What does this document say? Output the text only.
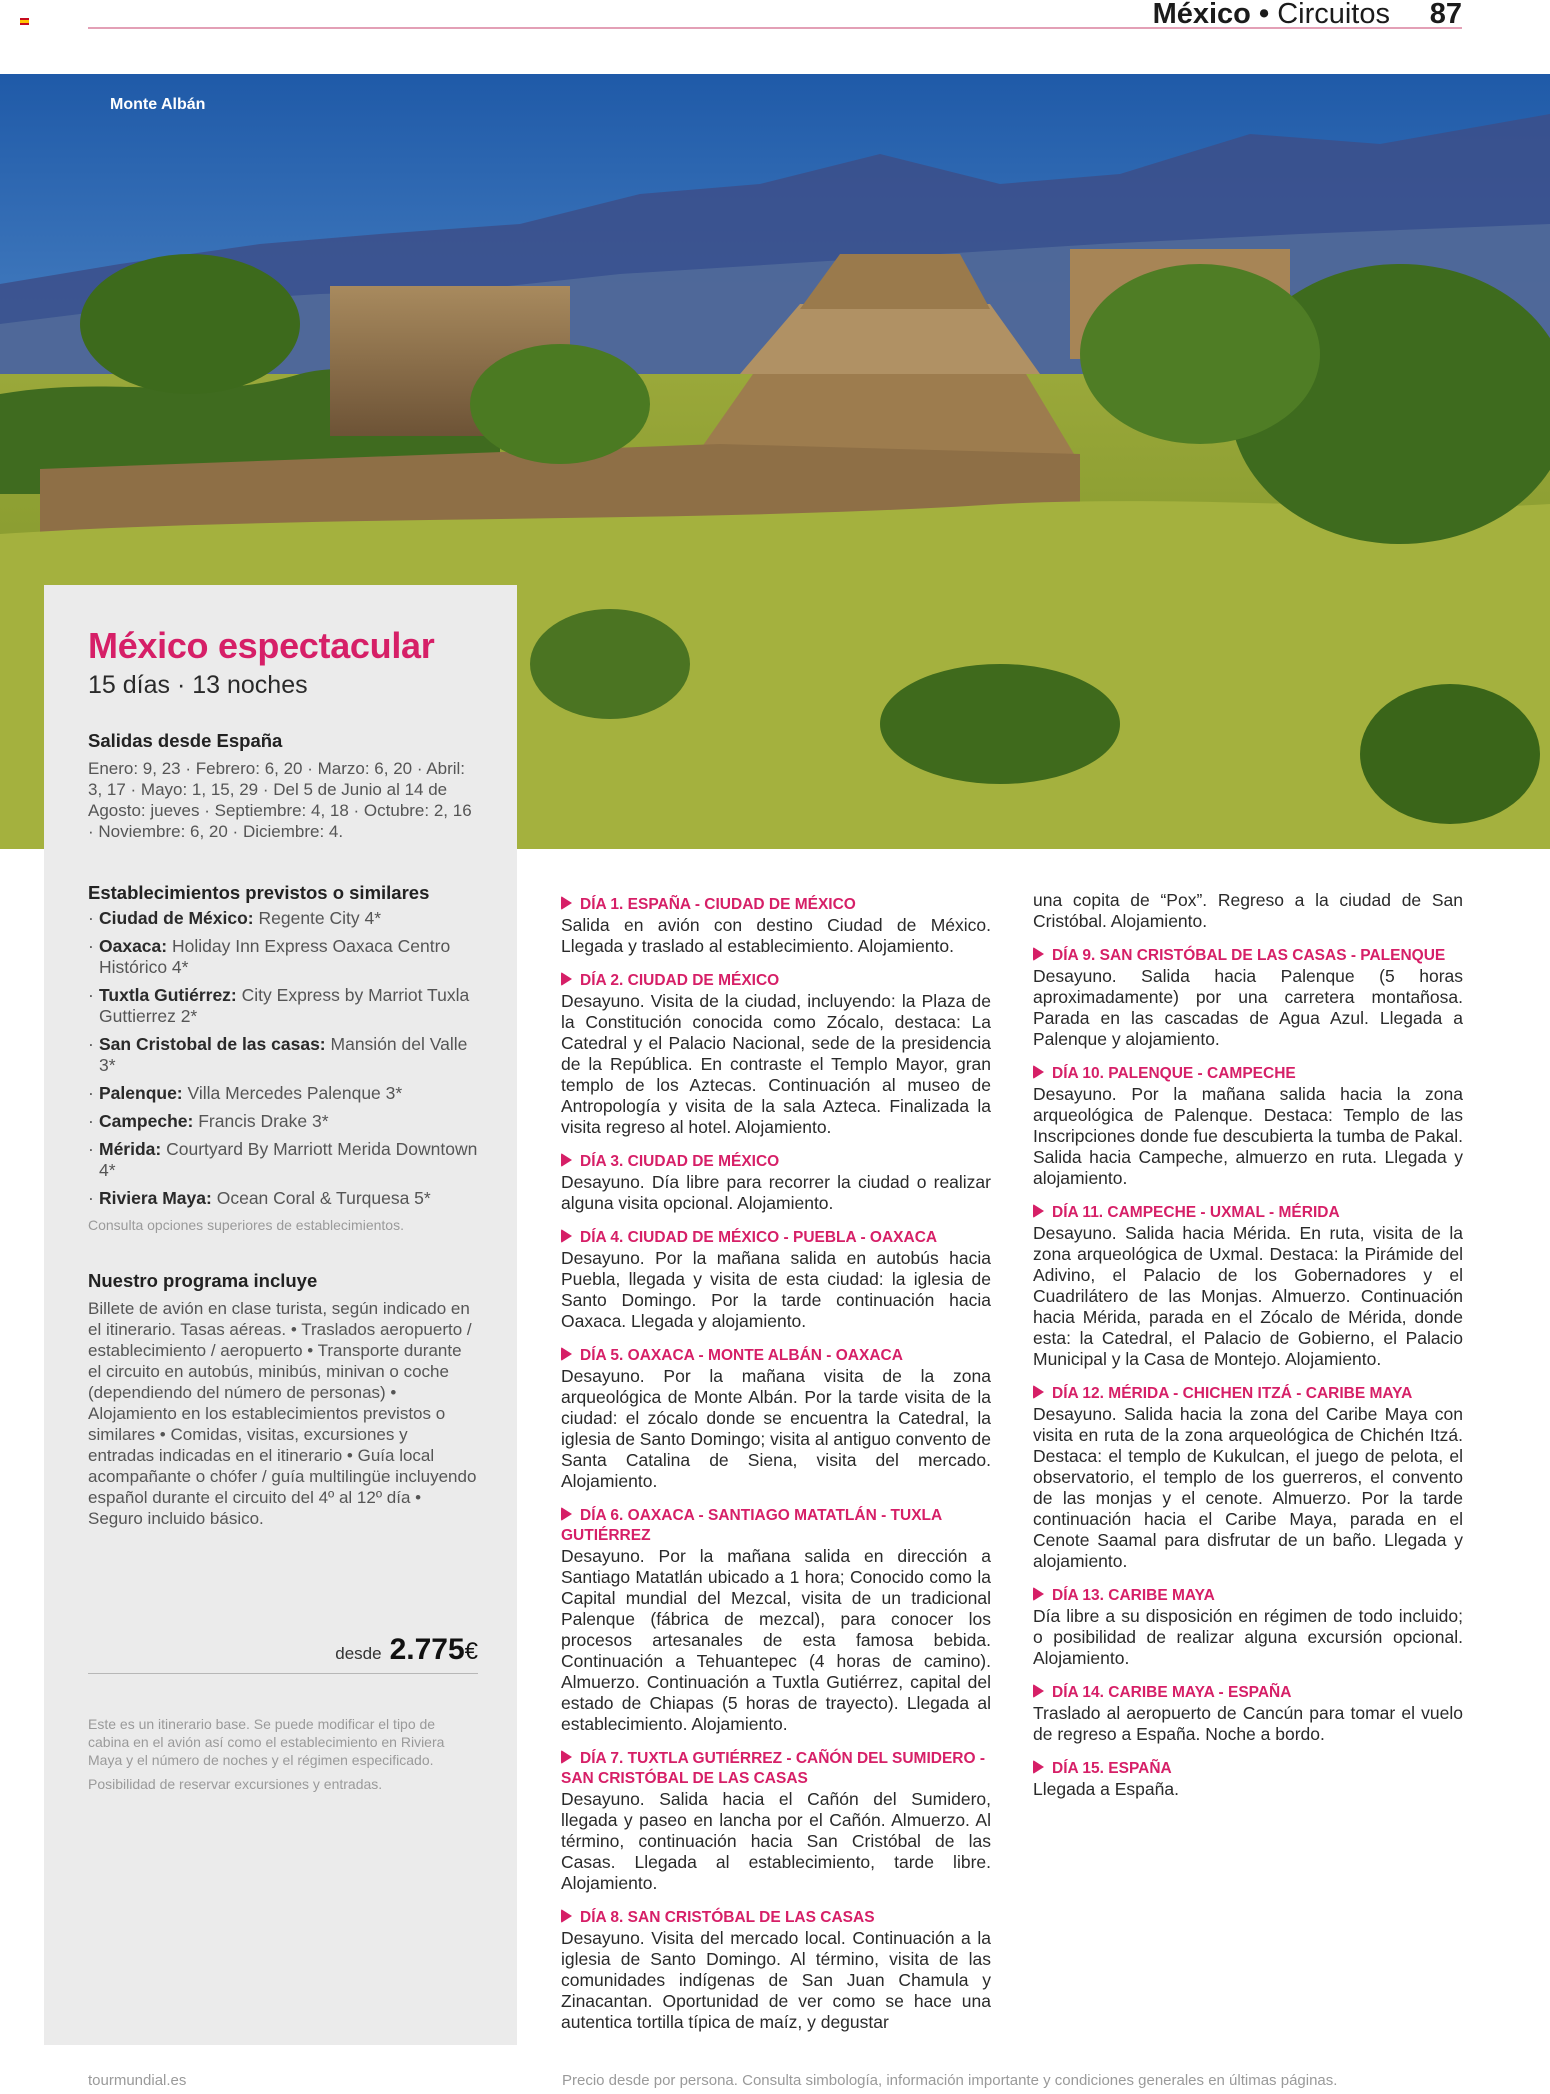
México • Circuitos 87
Monte Albán
México espectacular
15 días · 13 noches
Salidas desde España
Enero: 9, 23 · Febrero: 6, 20 · Marzo: 6, 20 · Abril: 3, 17 · Mayo: 1, 15, 29 · Del 5 de Junio al 14 de Agosto: jueves · Septiembre: 4, 18 · Octubre: 2, 16 · Noviembre: 6, 20 · Diciembre: 4.
Establecimientos previstos o similares
· Ciudad de México: Regente City 4*
· Oaxaca: Holiday Inn Express Oaxaca Centro Histórico 4*
· Tuxtla Gutiérrez: City Express by Marriot Tuxla Guttierrez 2*
· San Cristobal de las casas: Mansión del Valle 3*
· Palenque: Villa Mercedes Palenque 3*
· Campeche: Francis Drake 3*
· Mérida: Courtyard By Marriott Merida Downtown 4*
· Riviera Maya: Ocean Coral & Turquesa 5*
Consulta opciones superiores de establecimientos.
Nuestro programa incluye
Billete de avión en clase turista, según indicado en el itinerario. Tasas aéreas. • Traslados aeropuerto / establecimiento / aeropuerto • Transporte durante el circuito en autobús, minibús, minivan o coche (dependiendo del número de personas) • Alojamiento en los establecimientos previstos o similares • Comidas, visitas, excursiones y entradas indicadas en el itinerario • Guía local acompañante o chófer / guía multilingüe incluyendo español durante el circuito del 4º al 12º día • Seguro incluido básico.
desde 2.775€
Este es un itinerario base. Se puede modificar el tipo de cabina en el avión así como el establecimiento en Riviera Maya y el número de noches y el régimen especificado.
Posibilidad de reservar excursiones y entradas.
DÍA 1. ESPAÑA - CIUDAD DE MÉXICO
Salida en avión con destino Ciudad de México. Llegada y traslado al establecimiento. Alojamiento.
DÍA 2. CIUDAD DE MÉXICO
Desayuno. Visita de la ciudad, incluyendo: la Plaza de la Constitución conocida como Zócalo, destaca: La Catedral y el Palacio Nacional, sede de la presidencia de la República. En contraste el Templo Mayor, gran templo de los Aztecas. Continuación al museo de Antropología y visita de la sala Azteca. Finalizada la visita regreso al hotel. Alojamiento.
DÍA 3. CIUDAD DE MÉXICO
Desayuno. Día libre para recorrer la ciudad o realizar alguna visita opcional. Alojamiento.
DÍA 4. CIUDAD DE MÉXICO - PUEBLA - OAXACA
Desayuno. Por la mañana salida en autobús hacia Puebla, llegada y visita de esta ciudad: la iglesia de Santo Domingo. Por la tarde continuación hacia Oaxaca. Llegada y alojamiento.
DÍA 5. OAXACA - MONTE ALBÁN - OAXACA
Desayuno. Por la mañana visita de la zona arqueológica de Monte Albán. Por la tarde visita de la ciudad: el zócalo donde se encuentra la Catedral, la iglesia de Santo Domingo; visita al antiguo convento de Santa Catalina de Siena, visita del mercado. Alojamiento.
DÍA 6. OAXACA - SANTIAGO MATATLÁN - TUXLA GUTIÉRREZ
Desayuno. Por la mañana salida en dirección a Santiago Matatlán ubicado a 1 hora; Conocido como la Capital mundial del Mezcal, visita de un tradicional Palenque (fábrica de mezcal), para conocer los procesos artesanales de esta famosa bebida. Continuación a Tehuantepec (4 horas de camino). Almuerzo. Continuación a Tuxtla Gutiérrez, capital del estado de Chiapas (5 horas de trayecto). Llegada al establecimiento. Alojamiento.
DÍA 7. TUXTLA GUTIÉRREZ - CAÑÓN DEL SUMIDERO - SAN CRISTÓBAL DE LAS CASAS
Desayuno. Salida hacia el Cañón del Sumidero, llegada y paseo en lancha por el Cañón. Almuerzo. Al término, continuación hacia San Cristóbal de las Casas. Llegada al establecimiento, tarde libre. Alojamiento.
DÍA 8. SAN CRISTÓBAL DE LAS CASAS
Desayuno. Visita del mercado local. Continuación a la iglesia de Santo Domingo. Al término, visita de las comunidades indígenas de San Juan Chamula y Zinacantan. Oportunidad de ver como se hace una autentica tortilla típica de maíz, y degustar
una copita de “Pox”. Regreso a la ciudad de San Cristóbal. Alojamiento.
DÍA 9. SAN CRISTÓBAL DE LAS CASAS - PALENQUE
Desayuno. Salida hacia Palenque (5 horas aproximadamente) por una carretera montañosa. Parada en las cascadas de Agua Azul. Llegada a Palenque y alojamiento.
DÍA 10. PALENQUE - CAMPECHE
Desayuno. Por la mañana salida hacia la zona arqueológica de Palenque. Destaca: Templo de las Inscripciones donde fue descubierta la tumba de Pakal. Salida hacia Campeche, almuerzo en ruta. Llegada y alojamiento.
DÍA 11. CAMPECHE - UXMAL - MÉRIDA
Desayuno. Salida hacia Mérida. En ruta, visita de la zona arqueológica de Uxmal. Destaca: la Pirámide del Adivino, el Palacio de los Gobernadores y el Cuadrilátero de las Monjas. Almuerzo. Continuación hacia Mérida, parada en el Zócalo de Mérida, donde esta: la Catedral, el Palacio de Gobierno, el Palacio Municipal y la Casa de Montejo. Alojamiento.
DÍA 12. MÉRIDA - CHICHEN ITZÁ - CARIBE MAYA
Desayuno. Salida hacia la zona del Caribe Maya con visita en ruta de la zona arqueológica de Chichén Itzá. Destaca: el templo de Kukulcan, el juego de pelota, el observatorio, el templo de los guerreros, el convento de las monjas y el cenote. Almuerzo. Por la tarde continuación hacia el Caribe Maya, parada en el Cenote Saamal para disfrutar de un baño. Llegada y alojamiento.
DÍA 13. CARIBE MAYA
Día libre a su disposición en régimen de todo incluido; o posibilidad de realizar alguna excursión opcional. Alojamiento.
DÍA 14. CARIBE MAYA - ESPAÑA
Traslado al aeropuerto de Cancún para tomar el vuelo de regreso a España. Noche a bordo.
DÍA 15. ESPAÑA
Llegada a España.
tourmundial.es	Precio desde por persona. Consulta simbología, información importante y condiciones generales en últimas páginas.
